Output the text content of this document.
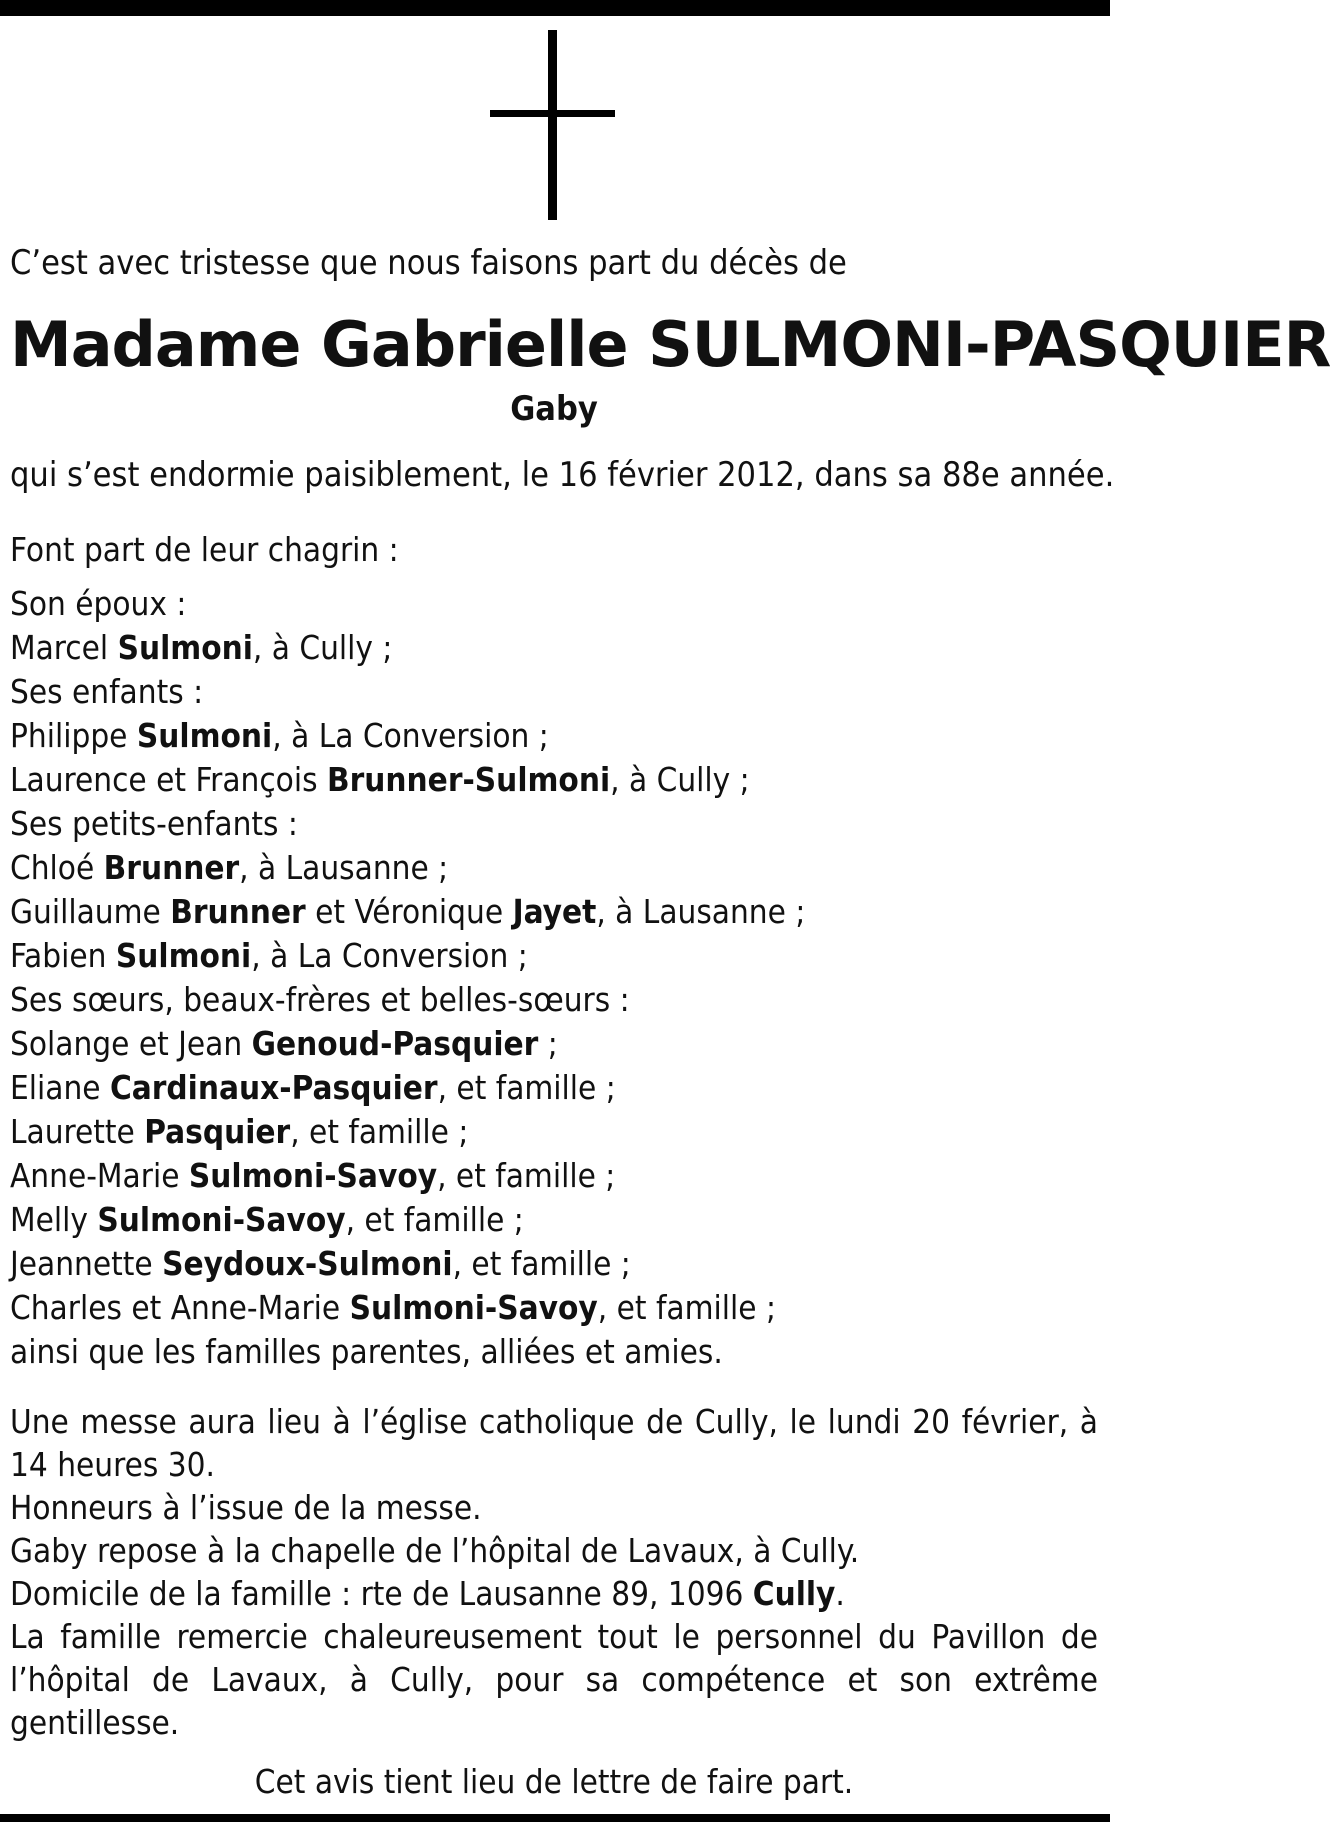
C’est avec tristesse que nous faisons part du décès de
Madame Gabrielle SULMONI-PASQUIER
Gaby
qui s’est endormie paisiblement, le 16 février 2012, dans sa 88e année.
Font part de leur chagrin :
Son époux :
Marcel Sulmoni, à Cully ;
Ses enfants :
Philippe Sulmoni, à La Conversion ;
Laurence et François Brunner-Sulmoni, à Cully ;
Ses petits-enfants :
Chloé Brunner, à Lausanne ;
Guillaume Brunner et Véronique Jayet, à Lausanne ;
Fabien Sulmoni, à La Conversion ;
Ses sœurs, beaux-frères et belles-sœurs :
Solange et Jean Genoud-Pasquier ;
Eliane Cardinaux-Pasquier, et famille ;
Laurette Pasquier, et famille ;
Anne-Marie Sulmoni-Savoy, et famille ;
Melly Sulmoni-Savoy, et famille ;
Jeannette Seydoux-Sulmoni, et famille ;
Charles et Anne-Marie Sulmoni-Savoy, et famille ;
ainsi que les familles parentes, alliées et amies.

Une messe aura lieu à l’église catholique de Cully, le lundi 20 février, à 14 heures 30.

Honneurs à l’issue de la messe.

Gaby repose à la chapelle de l’hôpital de Lavaux, à Cully.

Domicile de la famille : rte de Lausanne 89, 1096 Cully.

La famille remercie chaleureusement tout le personnel du Pavillon de l’hôpital de Lavaux, à Cully, pour sa compétence et son extrême gentillesse.

Cet avis tient lieu de lettre de faire part.
